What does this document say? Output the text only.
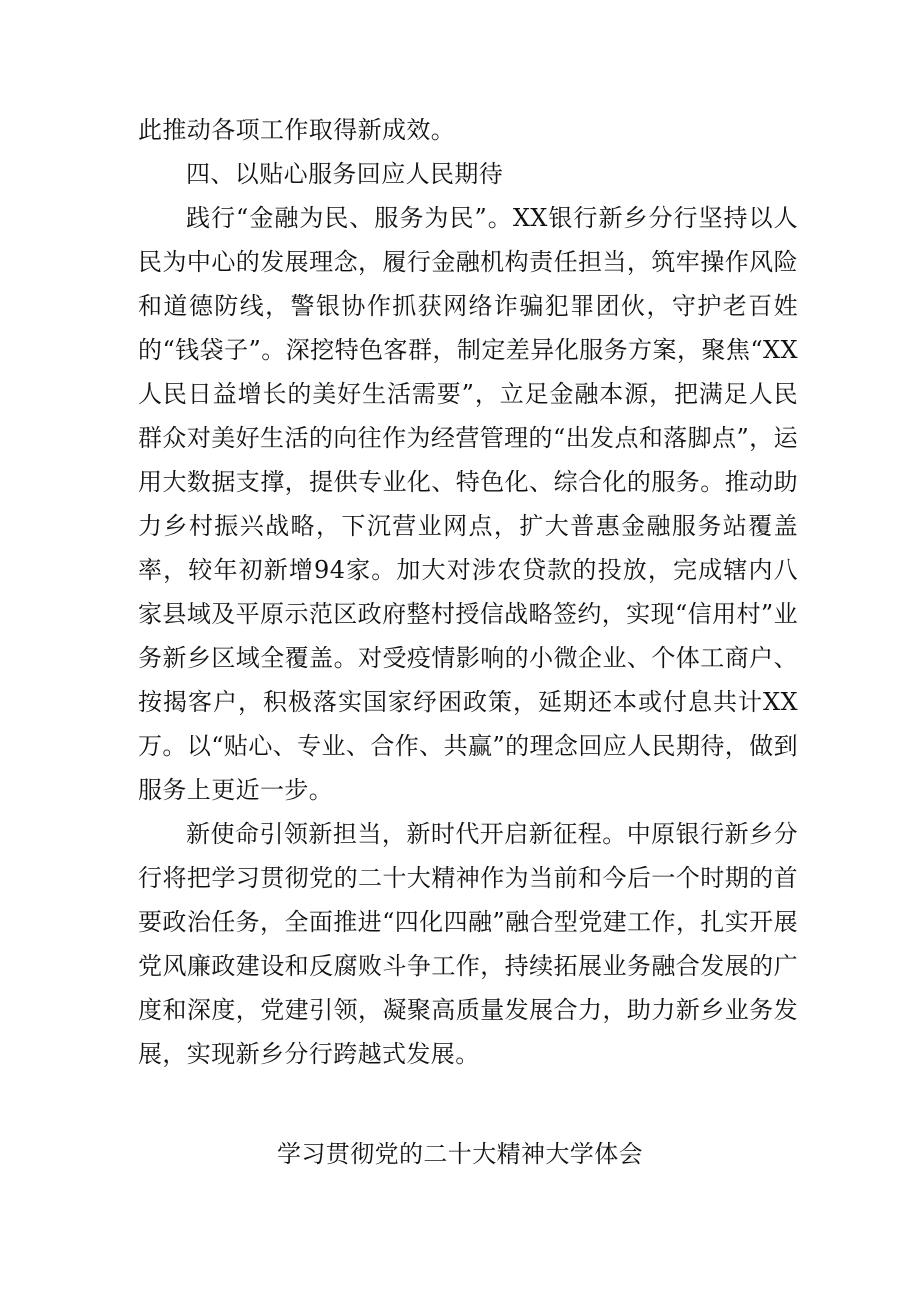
此推动各项工作取得新成效。

四、以贴心服务回应人民期待

践行“金融为民、服务为民”。XX银行新乡分行坚持以人民为中心的发展理念，履行金融机构责任担当，筑牢操作风险和道德防线，警银协作抓获网络诈骗犯罪团伙，守护老百姓的“钱袋子”。深挖特色客群，制定差异化服务方案，聚焦“XX人民日益增长的美好生活需要”，立足金融本源，把满足人民群众对美好生活的向往作为经营管理的“出发点和落脚点”，运用大数据支撑，提供专业化、特色化、综合化的服务。推动助力乡村振兴战略，下沉营业网点，扩大普惠金融服务站覆盖率，较年初新增94家。加大对涉农贷款的投放，完成辖内八家县域及平原示范区政府整村授信战略签约，实现“信用村”业务新乡区域全覆盖。对受疫情影响的小微企业、个体工商户、按揭客户，积极落实国家纾困政策，延期还本或付息共计XX万。以“贴心、专业、合作、共赢”的理念回应人民期待，做到服务上更近一步。

新使命引领新担当，新时代开启新征程。中原银行新乡分行将把学习贯彻党的二十大精神作为当前和今后一个时期的首要政治任务，全面推进“四化四融”融合型党建工作，扎实开展党风廉政建设和反腐败斗争工作，持续拓展业务融合发展的广度和深度，党建引领，凝聚高质量发展合力，助力新乡业务发展，实现新乡分行跨越式发展。

学习贯彻党的二十大精神大学体会
